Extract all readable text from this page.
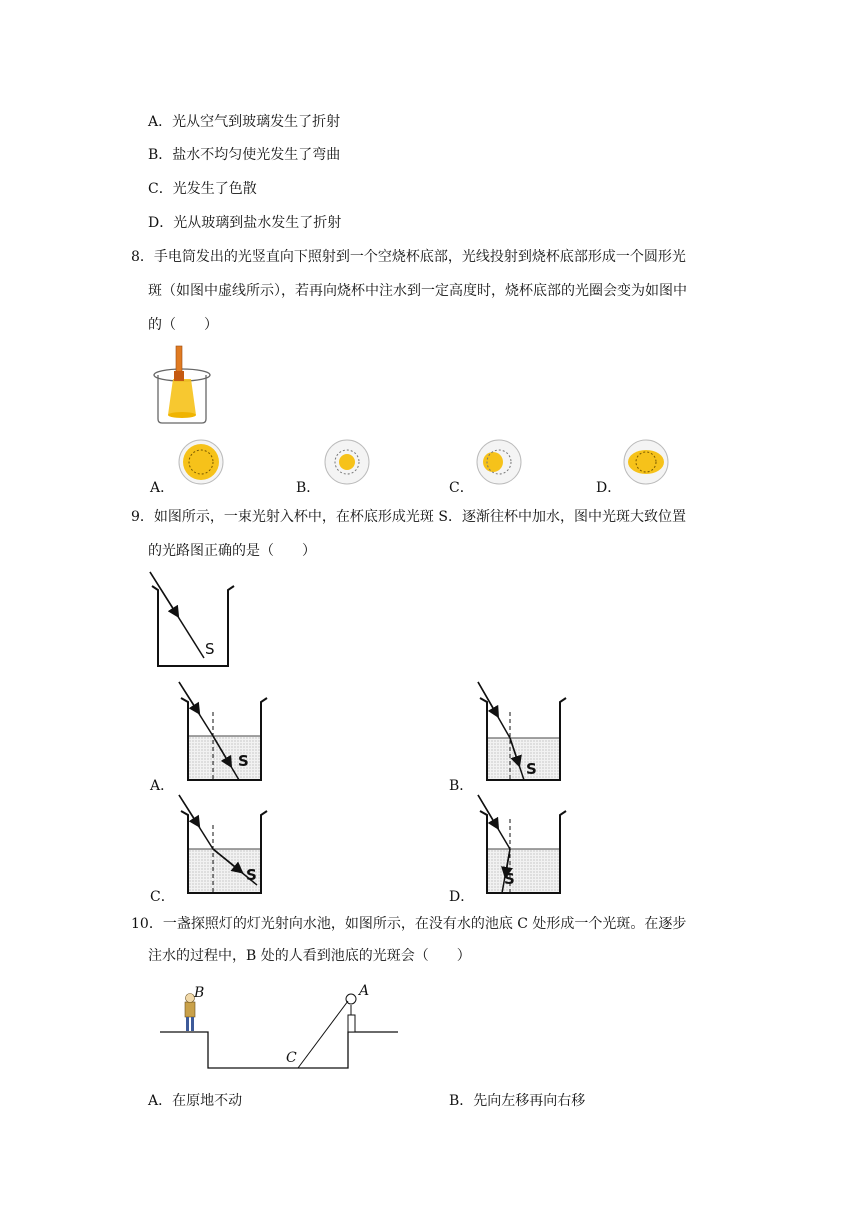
A．光从空气到玻璃发生了折射
B．盐水不均匀使光发生了弯曲
C．光发生了色散
D．光从玻璃到盐水发生了折射
8．手电筒发出的光竖直向下照射到一个空烧杯底部，光线投射到烧杯底部形成一个圆形光
斑（如图中虚线所示），若再向烧杯中注水到一定高度时，烧杯底部的光圈会变为如图中
的（　　）
A．	B．	C．	D．
9．如图所示，一束光射入杯中，在杯底形成光斑 S．逐渐往杯中加水，图中光斑大致位置
的光路图正确的是（　　）
S
A．
S
B．
S
C．
S
D．
S
10．一盏探照灯的灯光射向水池，如图所示，在没有水的池底 C 处形成一个光斑。在逐步
注水的过程中，B 处的人看到池底的光斑会（　　）
B	A
C
A．在原地不动	B．先向左移再向右移
